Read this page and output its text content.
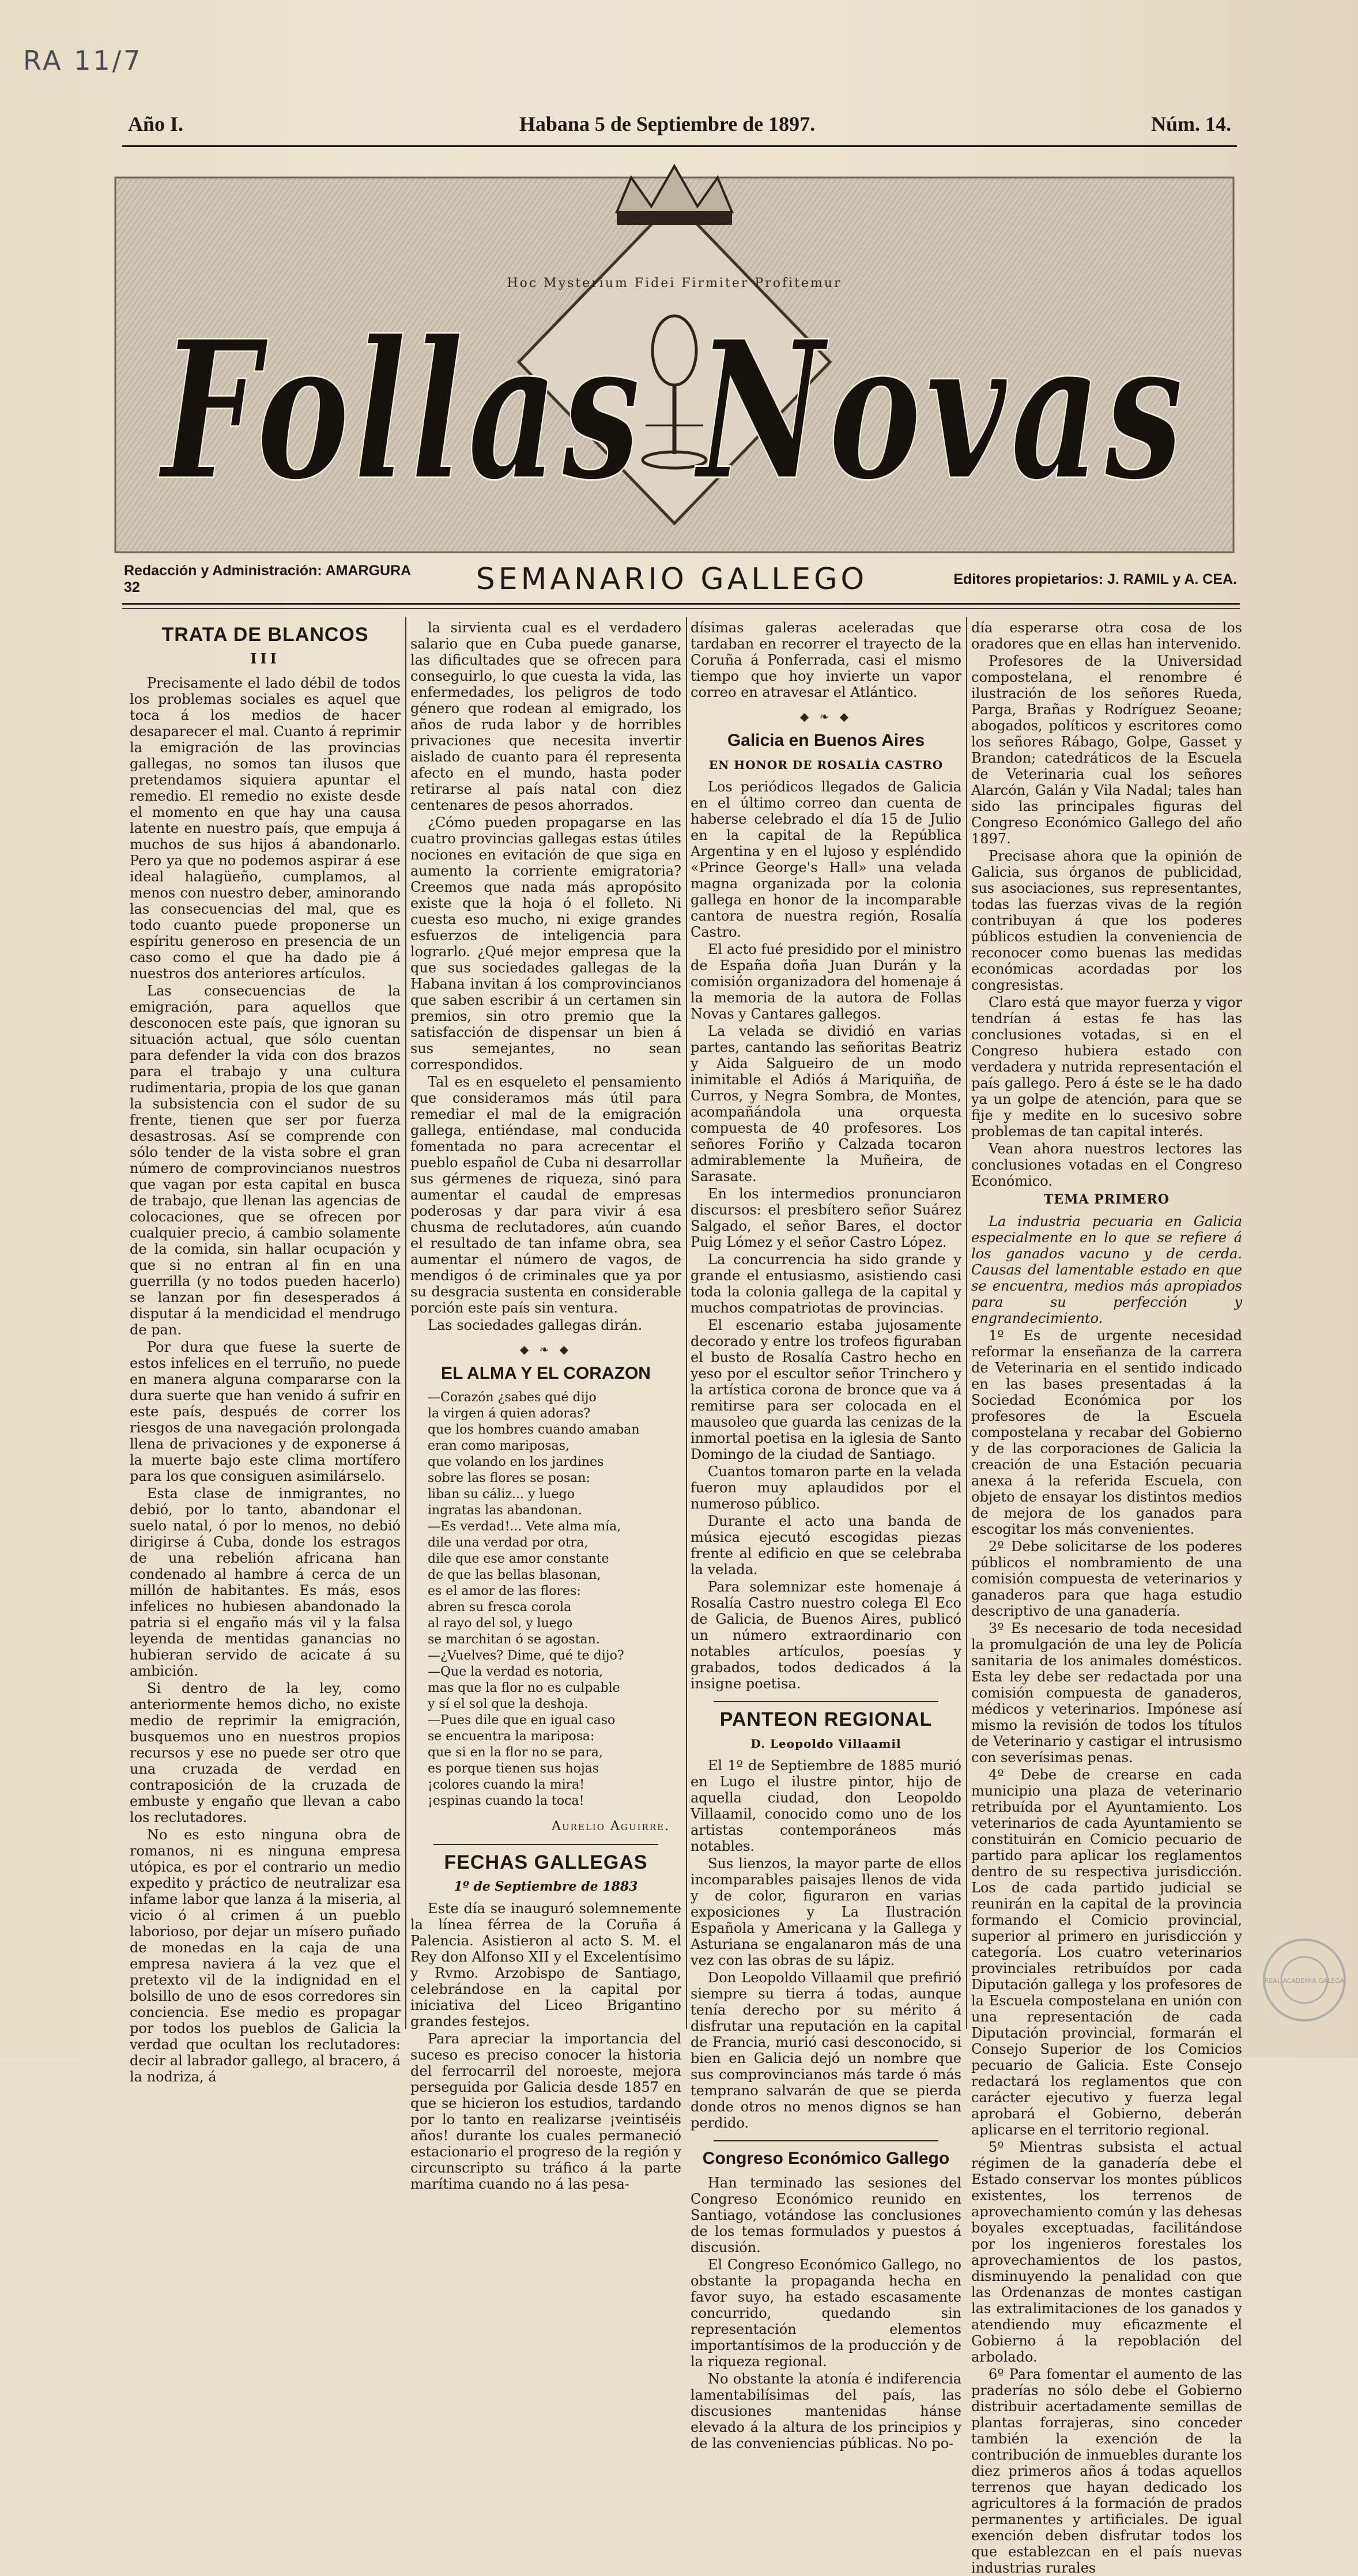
RA 11/7
Año I.	Habana 5 de Septiembre de 1897.	Núm. 14.
Hoc Mysterium Fidei Firmiter Profitemur
Follas Novas
Redacción y Administración: AMARGURA 32	SEMANARIO GALLEGO	Editores propietarios: J. RAMIL y A. CEA.
TRATA DE BLANCOS
III

Precisamente el lado débil de todos los problemas sociales es aquel que toca á los medios de hacer desaparecer el mal. Cuanto á reprimir la emigración de las provincias gallegas, no somos tan ilusos que pretendamos siquiera apuntar el remedio. El remedio no existe desde el momento en que hay una causa latente en nuestro país, que empuja á muchos de sus hijos á abandonarlo. Pero ya que no podemos aspirar á ese ideal halagüeño, cumplamos, al menos con nuestro deber, aminorando las consecuencias del mal, que es todo cuanto puede proponerse un espíritu generoso en presencia de un caso como el que ha dado pie á nuestros dos anteriores artículos.

Las consecuencias de la emigración, para aquellos que desconocen este país, que ignoran su situación actual, que sólo cuentan para defender la vida con dos brazos para el trabajo y una cultura rudimentaria, propia de los que ganan la subsistencia con el sudor de su frente, tienen que ser por fuerza desastrosas. Así se comprende con sólo tender de la vista sobre el gran número de comprovincianos nuestros que vagan por esta capital en busca de trabajo, que llenan las agencias de colocaciones, que se ofrecen por cualquier precio, á cambio solamente de la comida, sin hallar ocupación y que si no entran al fin en una guerrilla (y no todos pueden hacerlo) se lanzan por fin desesperados á disputar á la mendicidad el mendrugo de pan.

Por dura que fuese la suerte de estos infelices en el terruño, no puede en manera alguna compararse con la dura suerte que han venido á sufrir en este país, después de correr los riesgos de una navegación prolongada llena de privaciones y de exponerse á la muerte bajo este clima mortífero para los que consiguen asimilárselo.

Esta clase de inmigrantes, no debió, por lo tanto, abandonar el suelo natal, ó por lo menos, no debió dirigirse á Cuba, donde los estragos de una rebelión africana han condenado al hambre á cerca de un millón de habitantes. Es más, esos infelices no hubiesen abandonado la patria si el engaño más vil y la falsa leyenda de mentidas ganancias no hubieran servido de acicate á su ambición.

Si dentro de la ley, como anteriormente hemos dicho, no existe medio de reprimir la emigración, busquemos uno en nuestros propios recursos y ese no puede ser otro que una cruzada de verdad en contraposición de la cruzada de embuste y engaño que llevan a cabo los reclutadores.

No es esto ninguna obra de romanos, ni es ninguna empresa utópica, es por el contrario un medio expedito y práctico de neutralizar esa infame labor que lanza á la miseria, al vicio ó al crimen á un pueblo laborioso, por dejar un mísero puñado de monedas en la caja de una empresa naviera á la vez que el pretexto vil de la indignidad en el bolsillo de uno de esos corredores sin conciencia. Ese medio es propagar por todos los pueblos de Galicia la verdad que ocultan los reclutadores: decir al labrador gallego, al bracero, á la nodriza, á

la sirvienta cual es el verdadero salario que en Cuba puede ganarse, las dificultades que se ofrecen para conseguirlo, lo que cuesta la vida, las enfermedades, los peligros de todo género que rodean al emigrado, los años de ruda labor y de horribles privaciones que necesita invertir aislado de cuanto para él representa afecto en el mundo, hasta poder retirarse al país natal con diez centenares de pesos ahorrados.

¿Cómo pueden propagarse en las cuatro provincias gallegas estas útiles nociones en evitación de que siga en aumento la corriente emigratoria? Creemos que nada más apropósito existe que la hoja ó el folleto. Ni cuesta eso mucho, ni exige grandes esfuerzos de inteligencia para lograrlo. ¿Qué mejor empresa que la que sus sociedades gallegas de la Habana invitan á los comprovincianos que saben escribir á un certamen sin premios, sin otro premio que la satisfacción de dispensar un bien á sus semejantes, no sean correspondidos.

Tal es en esqueleto el pensamiento que consideramos más útil para remediar el mal de la emigración gallega, entiéndase, mal conducida fomentada no para acrecentar el pueblo español de Cuba ni desarrollar sus gérmenes de riqueza, sinó para aumentar el caudal de empresas poderosas y dar para vivir á esa chusma de reclutadores, aún cuando el resultado de tan infame obra, sea aumentar el número de vagos, de mendigos ó de criminales que ya por su desgracia sustenta en considerable porción este país sin ventura.

Las sociedades gallegas dirán.

◆ ❧ ◆
EL ALMA Y EL CORAZON
—Corazón ¿sabes qué dijo
la virgen á quien adoras?
que los hombres cuando amaban
eran como mariposas,
que volando en los jardines
sobre las flores se posan:
liban su cáliz... y luego
ingratas las abandonan.
—Es verdad!... Vete alma mía,
dile una verdad por otra,
dile que ese amor constante
de que las bellas blasonan,
es el amor de las flores:
abren su fresca corola
al rayo del sol, y luego
se marchitan ó se agostan.
—¿Vuelves? Dime, qué te dijo?
—Que la verdad es notoria,
mas que la flor no es culpable
y sí el sol que la deshoja.
—Pues dile que en igual caso
se encuentra la mariposa:
que si en la flor no se para,
es porque tienen sus hojas
¡colores cuando la mira!
¡espinas cuando la toca!
Aurelio Aguirre.
FECHAS GALLEGAS
1º de Septiembre de 1883

Este día se inauguró solemnemente la línea férrea de la Coruña á Palencia. Asistieron al acto S. M. el Rey don Alfonso XII y el Excelentísimo y Rvmo. Arzobispo de Santiago, celebrándose en la capital por iniciativa del Liceo Brigantino grandes festejos.

Para apreciar la importancia del suceso es preciso conocer la historia del ferrocarril del noroeste, mejora perseguida por Galicia desde 1857 en que se hicieron los estudios, tardando por lo tanto en realizarse ¡veintiséis años! durante los cuales permaneció estacionario el progreso de la región y circunscripto su tráfico á la parte marítima cuando no á las pesa-

dísimas galeras aceleradas que tardaban en recorrer el trayecto de la Coruña á Ponferrada, casi el mismo tiempo que hoy invierte un vapor correo en atravesar el Atlántico.

◆ ❧ ◆
Galicia en Buenos Aires
EN HONOR DE ROSALÍA CASTRO

Los periódicos llegados de Galicia en el último correo dan cuenta de haberse celebrado el día 15 de Julio en la capital de la República Argentina y en el lujoso y espléndido «Prince George's Hall» una velada magna organizada por la colonia gallega en honor de la incomparable cantora de nuestra región, Rosalía Castro.

El acto fué presidido por el ministro de España doña Juan Durán y la comisión organizadora del homenaje á la memoria de la autora de Follas Novas y Cantares gallegos.

La velada se dividió en varias partes, cantando las señoritas Beatriz y Aida Salgueiro de un modo inimitable el Adiós á Mariquiña, de Curros, y Negra Sombra, de Montes, acompañándola una orquesta compuesta de 40 profesores. Los señores Foriño y Calzada tocaron admirablemente la Muñeira, de Sarasate.

En los intermedios pronunciaron discursos: el presbítero señor Suárez Salgado, el señor Bares, el doctor Puig Lómez y el señor Castro López.

La concurrencia ha sido grande y grande el entusiasmo, asistiendo casi toda la colonia gallega de la capital y muchos compatriotas de provincias.

El escenario estaba jujosamente decorado y entre los trofeos figuraban el busto de Rosalía Castro hecho en yeso por el escultor señor Trinchero y la artística corona de bronce que va á remitirse para ser colocada en el mausoleo que guarda las cenizas de la inmortal poetisa en la iglesia de Santo Domingo de la ciudad de Santiago.

Cuantos tomaron parte en la velada fueron muy aplaudidos por el numeroso público.

Durante el acto una banda de música ejecutó escogidas piezas frente al edificio en que se celebraba la velada.

Para solemnizar este homenaje á Rosalía Castro nuestro colega El Eco de Galicia, de Buenos Aires, publicó un número extraordinario con notables artículos, poesías y grabados, todos dedicados á la insigne poetisa.

PANTEON REGIONAL
D. Leopoldo Villaamil

El 1º de Septiembre de 1885 murió en Lugo el ilustre pintor, hijo de aquella ciudad, don Leopoldo Villaamil, conocido como uno de los artistas contemporáneos más notables.

Sus lienzos, la mayor parte de ellos incomparables paisajes llenos de vida y de color, figuraron en varias exposiciones y La Ilustración Española y Americana y la Gallega y Asturiana se engalanaron más de una vez con las obras de su lápiz.

Don Leopoldo Villaamil que prefirió siempre su tierra á todas, aunque tenía derecho por su mérito á disfrutar una reputación en la capital de Francia, murió casi desconocido, si bien en Galicia dejó un nombre que sus comprovincianos más tarde ó más temprano salvarán de que se pierda donde otros no menos dignos se han perdido.

Congreso Económico Gallego

Han terminado las sesiones del Congreso Económico reunido en Santiago, votándose las conclusiones de los temas formulados y puestos á discusión.

El Congreso Económico Gallego, no obstante la propaganda hecha en favor suyo, ha estado escasamente concurrido, quedando sin representación elementos importantísimos de la producción y de la riqueza regional.

No obstante la atonía é indiferencia lamentabilísimas del país, las discusiones mantenidas hánse elevado á la altura de los principios y de las conveniencias públicas. No po-

día esperarse otra cosa de los oradores que en ellas han intervenido.

Profesores de la Universidad compostelana, el renombre é ilustración de los señores Rueda, Parga, Brañas y Rodríguez Seoane; abogados, políticos y escritores como los señores Rábago, Golpe, Gasset y Brandon; catedráticos de la Escuela de Veterinaria cual los señores Alarcón, Galán y Vila Nadal; tales han sido las principales figuras del Congreso Económico Gallego del año 1897.

Precisase ahora que la opinión de Galicia, sus órganos de publicidad, sus asociaciones, sus representantes, todas las fuerzas vivas de la región contribuyan á que los poderes públicos estudien la conveniencia de reconocer como buenas las medidas económicas acordadas por los congresistas.

Claro está que mayor fuerza y vigor tendrían á estas fe has las conclusiones votadas, si en el Congreso hubiera estado con verdadera y nutrida representación el país gallego. Pero á éste se le ha dado ya un golpe de atención, para que se fije y medite en lo sucesivo sobre problemas de tan capital interés.

Vean ahora nuestros lectores las conclusiones votadas en el Congreso Económico.

TEMA PRIMERO

La industria pecuaria en Galicia especialmente en lo que se refiere á los ganados vacuno y de cerda. Causas del lamentable estado en que se encuentra, medios más apropiados para su perfección y engrandecimiento.

1º Es de urgente necesidad reformar la enseñanza de la carrera de Veterinaria en el sentido indicado en las bases presentadas á la Sociedad Económica por los profesores de la Escuela compostelana y recabar del Gobierno y de las corporaciones de Galicia la creación de una Estación pecuaria anexa á la referida Escuela, con objeto de ensayar los distintos medios de mejora de los ganados para escogitar los más convenientes.

2º Debe solicitarse de los poderes públicos el nombramiento de una comisión compuesta de veterinarios y ganaderos para que haga estudio descriptivo de una ganadería.

3º Es necesario de toda necesidad la promulgación de una ley de Policía sanitaria de los animales domésticos. Esta ley debe ser redactada por una comisión compuesta de ganaderos, médicos y veterinarios. Impónese así mismo la revisión de todos los títulos de Veterinario y castigar el intrusismo con severísimas penas.

4º Debe de crearse en cada municipio una plaza de veterinario retribuída por el Ayuntamiento. Los veterinarios de cada Ayuntamiento se constituirán en Comicio pecuario de partido para aplicar los reglamentos dentro de su respectiva jurisdicción. Los de cada partido judicial se reunirán en la capital de la provincia formando el Comicio provincial, superior al primero en jurisdicción y categoría. Los cuatro veterinarios provinciales retribuídos por cada Diputación gallega y los profesores de la Escuela compostelana en unión con una representación de cada Diputación provincial, formarán el Consejo Superior de los Comicios pecuario de Galicia. Este Consejo redactará los reglamentos que con carácter ejecutivo y fuerza legal aprobará el Gobierno, deberán aplicarse en el territorio regional.

5º Mientras subsista el actual régimen de la ganadería debe el Estado conservar los montes públicos existentes, los terrenos de aprovechamiento común y las dehesas boyales exceptuadas, facilitándose por los ingenieros forestales los aprovechamientos de los pastos, disminuyendo la penalidad con que las Ordenanzas de montes castigan las extralimitaciones de los ganados y atendiendo muy eficazmente el Gobierno á la repoblación del arbolado.

6º Para fomentar el aumento de las praderías no sólo debe el Gobierno distribuir acertadamente semillas de plantas forrajeras, sino conceder también la exención de la contribución de inmuebles durante los diez primeros años á todas aquellos terrenos que hayan dedicado los agricultores á la formación de prados permanentes y artificiales. De igual exención deben disfrutar todos los que establezcan en el país nuevas industrias rurales

REAL ACADEMIA GALEGA
